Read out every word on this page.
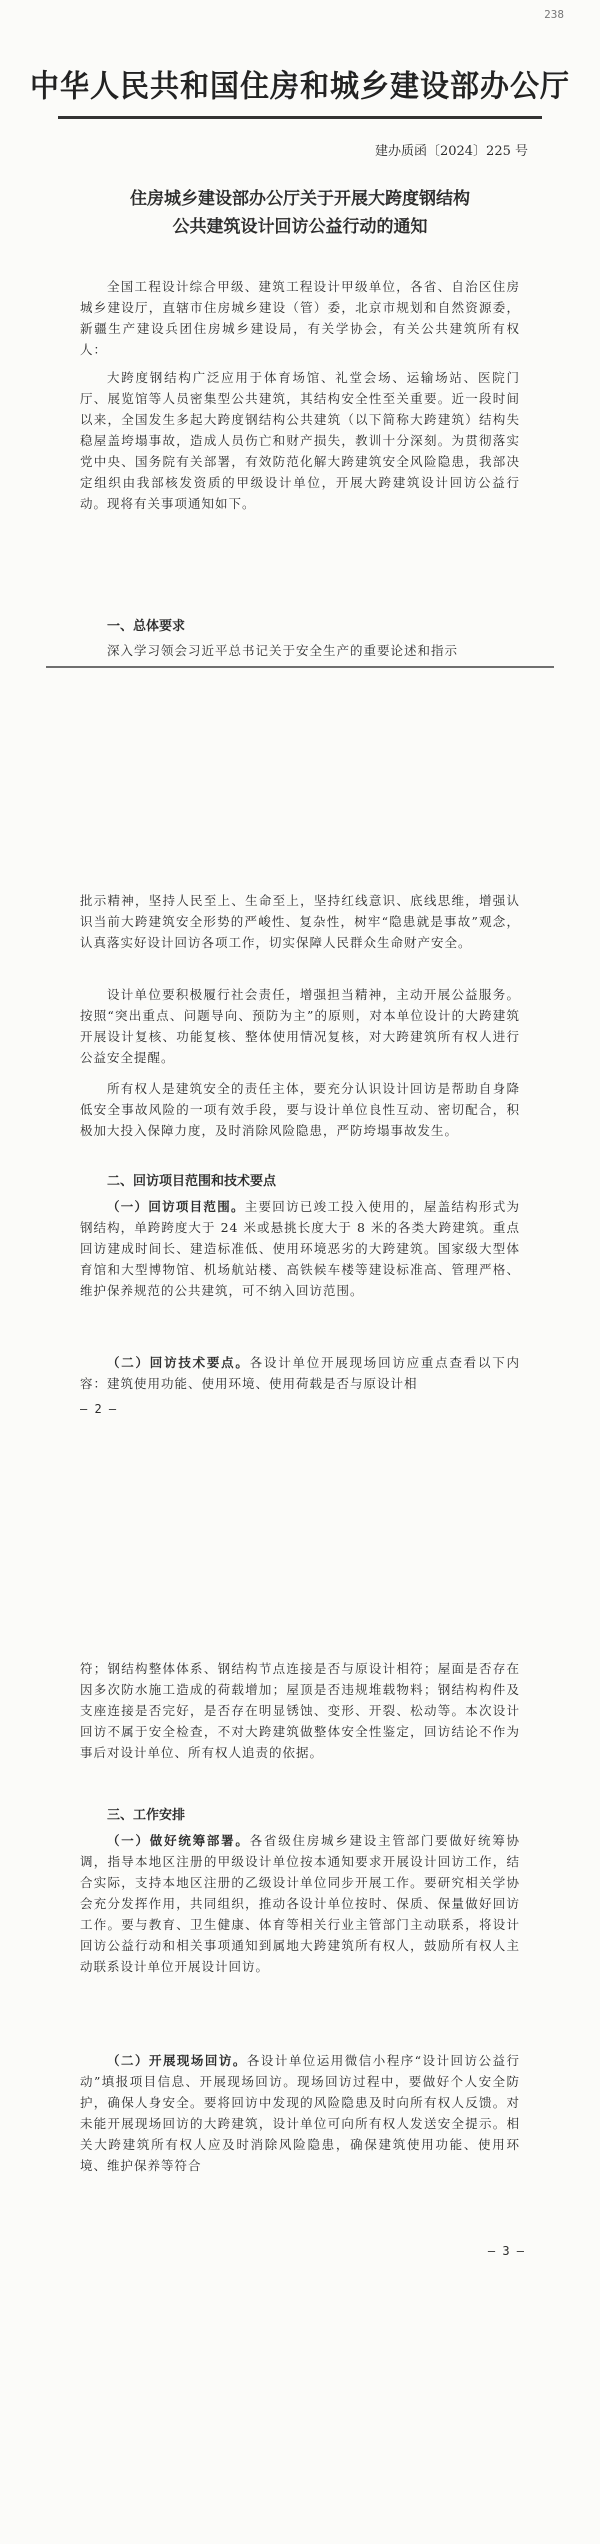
238
中华人民共和国住房和城乡建设部办公厅
建办质函〔2024〕225 号
住房城乡建设部办公厅关于开展大跨度钢结构
公共建筑设计回访公益行动的通知

全国工程设计综合甲级、建筑工程设计甲级单位，各省、自治区住房城乡建设厅，直辖市住房城乡建设（管）委，北京市规划和自然资源委，新疆生产建设兵团住房城乡建设局，有关学协会，有关公共建筑所有权人：

大跨度钢结构广泛应用于体育场馆、礼堂会场、运输场站、医院门厅、展览馆等人员密集型公共建筑，其结构安全性至关重要。近一段时间以来，全国发生多起大跨度钢结构公共建筑（以下简称大跨建筑）结构失稳屋盖垮塌事故，造成人员伤亡和财产损失，教训十分深刻。为贯彻落实党中央、国务院有关部署，有效防范化解大跨建筑安全风险隐患，我部决定组织由我部核发资质的甲级设计单位，开展大跨建筑设计回访公益行动。现将有关事项通知如下。

一、总体要求

深入学习领会习近平总书记关于安全生产的重要论述和指示

批示精神，坚持人民至上、生命至上，坚持红线意识、底线思维，增强认识当前大跨建筑安全形势的严峻性、复杂性，树牢“隐患就是事故”观念，认真落实好设计回访各项工作，切实保障人民群众生命财产安全。

设计单位要积极履行社会责任，增强担当精神，主动开展公益服务。按照“突出重点、问题导向、预防为主”的原则，对本单位设计的大跨建筑开展设计复核、功能复核、整体使用情况复核，对大跨建筑所有权人进行公益安全提醒。

所有权人是建筑安全的责任主体，要充分认识设计回访是帮助自身降低安全事故风险的一项有效手段，要与设计单位良性互动、密切配合，积极加大投入保障力度，及时消除风险隐患，严防垮塌事故发生。

二、回访项目范围和技术要点

（一）回访项目范围。主要回访已竣工投入使用的，屋盖结构形式为钢结构，单跨跨度大于 24 米或悬挑长度大于 8 米的各类大跨建筑。重点回访建成时间长、建造标准低、使用环境恶劣的大跨建筑。国家级大型体育馆和大型博物馆、机场航站楼、高铁候车楼等建设标准高、管理严格、维护保养规范的公共建筑，可不纳入回访范围。

（二）回访技术要点。各设计单位开展现场回访应重点查看以下内容：建筑使用功能、使用环境、使用荷载是否与原设计相

— 2 —

符；钢结构整体体系、钢结构节点连接是否与原设计相符；屋面是否存在因多次防水施工造成的荷载增加；屋顶是否违规堆载物料；钢结构构件及支座连接是否完好，是否存在明显锈蚀、变形、开裂、松动等。本次设计回访不属于安全检查，不对大跨建筑做整体安全性鉴定，回访结论不作为事后对设计单位、所有权人追责的依据。

三、工作安排

（一）做好统筹部署。各省级住房城乡建设主管部门要做好统筹协调，指导本地区注册的甲级设计单位按本通知要求开展设计回访工作，结合实际，支持本地区注册的乙级设计单位同步开展工作。要研究相关学协会充分发挥作用，共同组织，推动各设计单位按时、保质、保量做好回访工作。要与教育、卫生健康、体育等相关行业主管部门主动联系，将设计回访公益行动和相关事项通知到属地大跨建筑所有权人，鼓励所有权人主动联系设计单位开展设计回访。

（二）开展现场回访。各设计单位运用微信小程序“设计回访公益行动”填报项目信息、开展现场回访。现场回访过程中，要做好个人安全防护，确保人身安全。要将回访中发现的风险隐患及时向所有权人反馈。对未能开展现场回访的大跨建筑，设计单位可向所有权人发送安全提示。相关大跨建筑所有权人应及时消除风险隐患，确保建筑使用功能、使用环境、维护保养等符合

— 3 —
